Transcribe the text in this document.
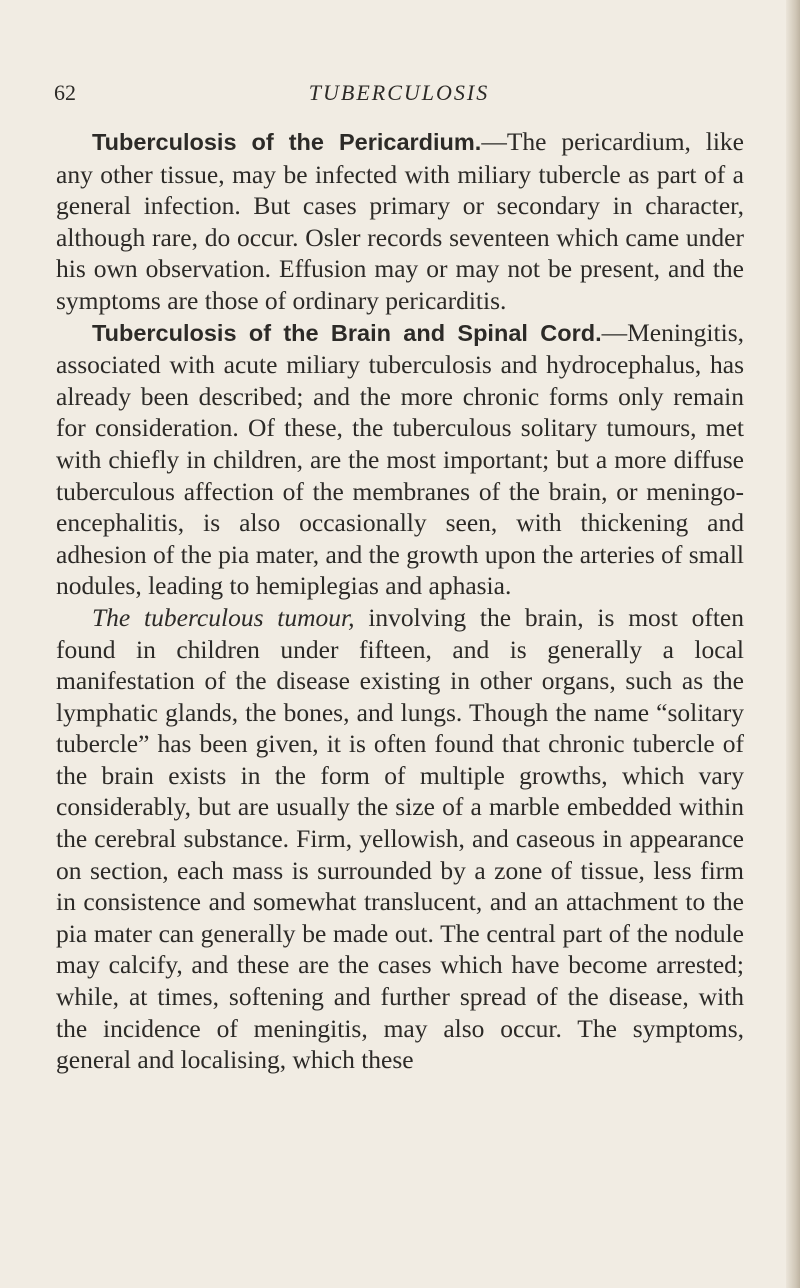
62	TUBERCULOSIS

Tuberculosis of the Pericardium.—The pericardium, like any other tissue, may be infected with miliary tubercle as part of a general infection. But cases primary or secondary in character, although rare, do occur. Osler records seventeen which came under his own observation. Effusion may or may not be present, and the symptoms are those of ordinary pericarditis.

Tuberculosis of the Brain and Spinal Cord.—Meningitis, associated with acute miliary tuberculosis and hydrocephalus, has already been described; and the more chronic forms only remain for consideration. Of these, the tuberculous solitary tumours, met with chiefly in children, are the most important; but a more diffuse tuberculous affection of the membranes of the brain, or meningo-encephalitis, is also occasionally seen, with thickening and adhesion of the pia mater, and the growth upon the arteries of small nodules, leading to hemiplegias and aphasia.

The tuberculous tumour, involving the brain, is most often found in children under fifteen, and is generally a local manifestation of the disease existing in other organs, such as the lymphatic glands, the bones, and lungs. Though the name “solitary tubercle” has been given, it is often found that chronic tubercle of the brain exists in the form of multiple growths, which vary considerably, but are usually the size of a marble embedded within the cerebral substance. Firm, yellowish, and caseous in appearance on section, each mass is surrounded by a zone of tissue, less firm in consistence and somewhat translucent, and an attachment to the pia mater can generally be made out. The central part of the nodule may calcify, and these are the cases which have become arrested; while, at times, softening and further spread of the disease, with the incidence of meningitis, may also occur. The symptoms, general and localising, which these
